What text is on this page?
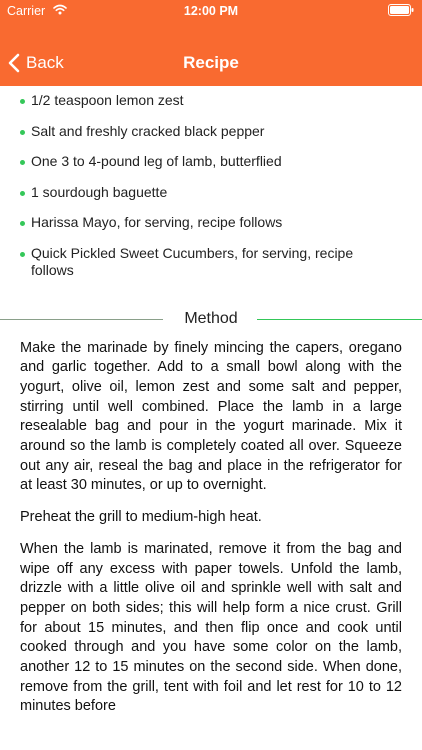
Carrier	12:00 PM
Back	Recipe
1/2 teaspoon lemon zest
Salt and freshly cracked black pepper
One 3 to 4-pound leg of lamb, butterflied
1 sourdough baguette
Harissa Mayo, for serving, recipe follows
Quick Pickled Sweet Cucumbers, for serving, recipe follows
Method

Make the marinade by finely mincing the capers, oregano and garlic together. Add to a small bowl along with the yogurt, olive oil, lemon zest and some salt and pepper, stirring until well combined. Place the lamb in a large resealable bag and pour in the yogurt marinade. Mix it around so the lamb is completely coated all over. Squeeze out any air, reseal the bag and place in the refrigerator for at least 30 minutes, or up to overnight.

Preheat the grill to medium-high heat.

When the lamb is marinated, remove it from the bag and wipe off any excess with paper towels. Unfold the lamb, drizzle with a little olive oil and sprinkle well with salt and pepper on both sides; this will help form a nice crust. Grill for about 15 minutes, and then flip once and cook until cooked through and you have some color on the lamb, another 12 to 15 minutes on the second side. When done, remove from the grill, tent with foil and let rest for 10 to 12 minutes before
